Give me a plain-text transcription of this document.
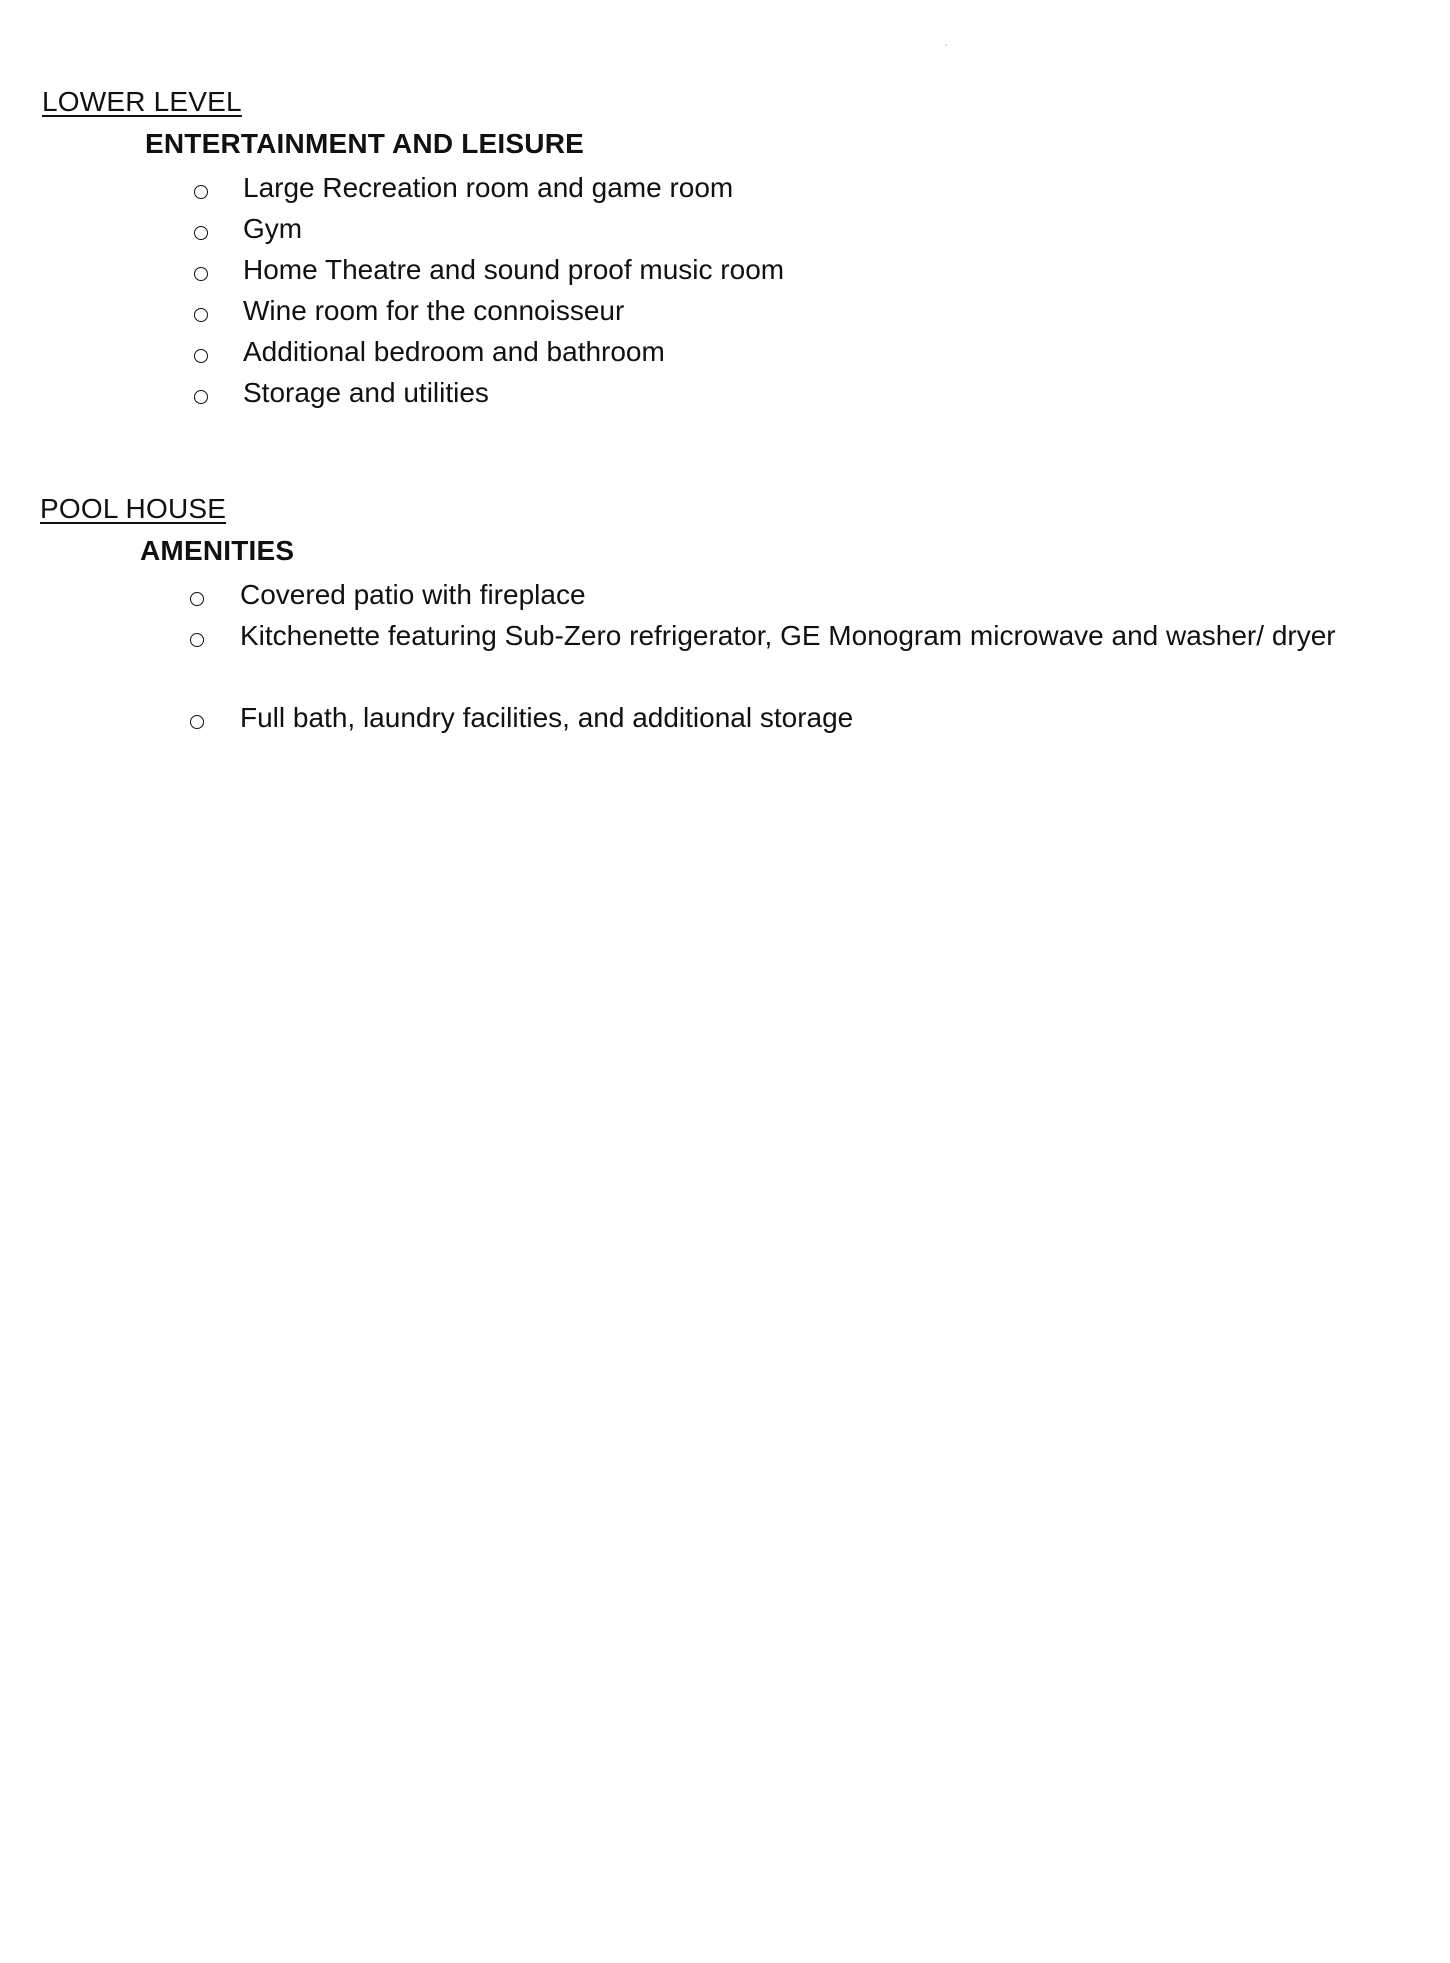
LOWER LEVEL
ENTERTAINMENT AND LEISURE
Large Recreation room and game room
Gym
Home Theatre and sound proof music room
Wine room for the connoisseur
Additional bedroom and bathroom
Storage and utilities
POOL HOUSE
AMENITIES
Covered patio with fireplace
Kitchenette featuring Sub-Zero refrigerator, GE Monogram microwave and washer/ dryer
Full bath, laundry facilities, and additional storage
